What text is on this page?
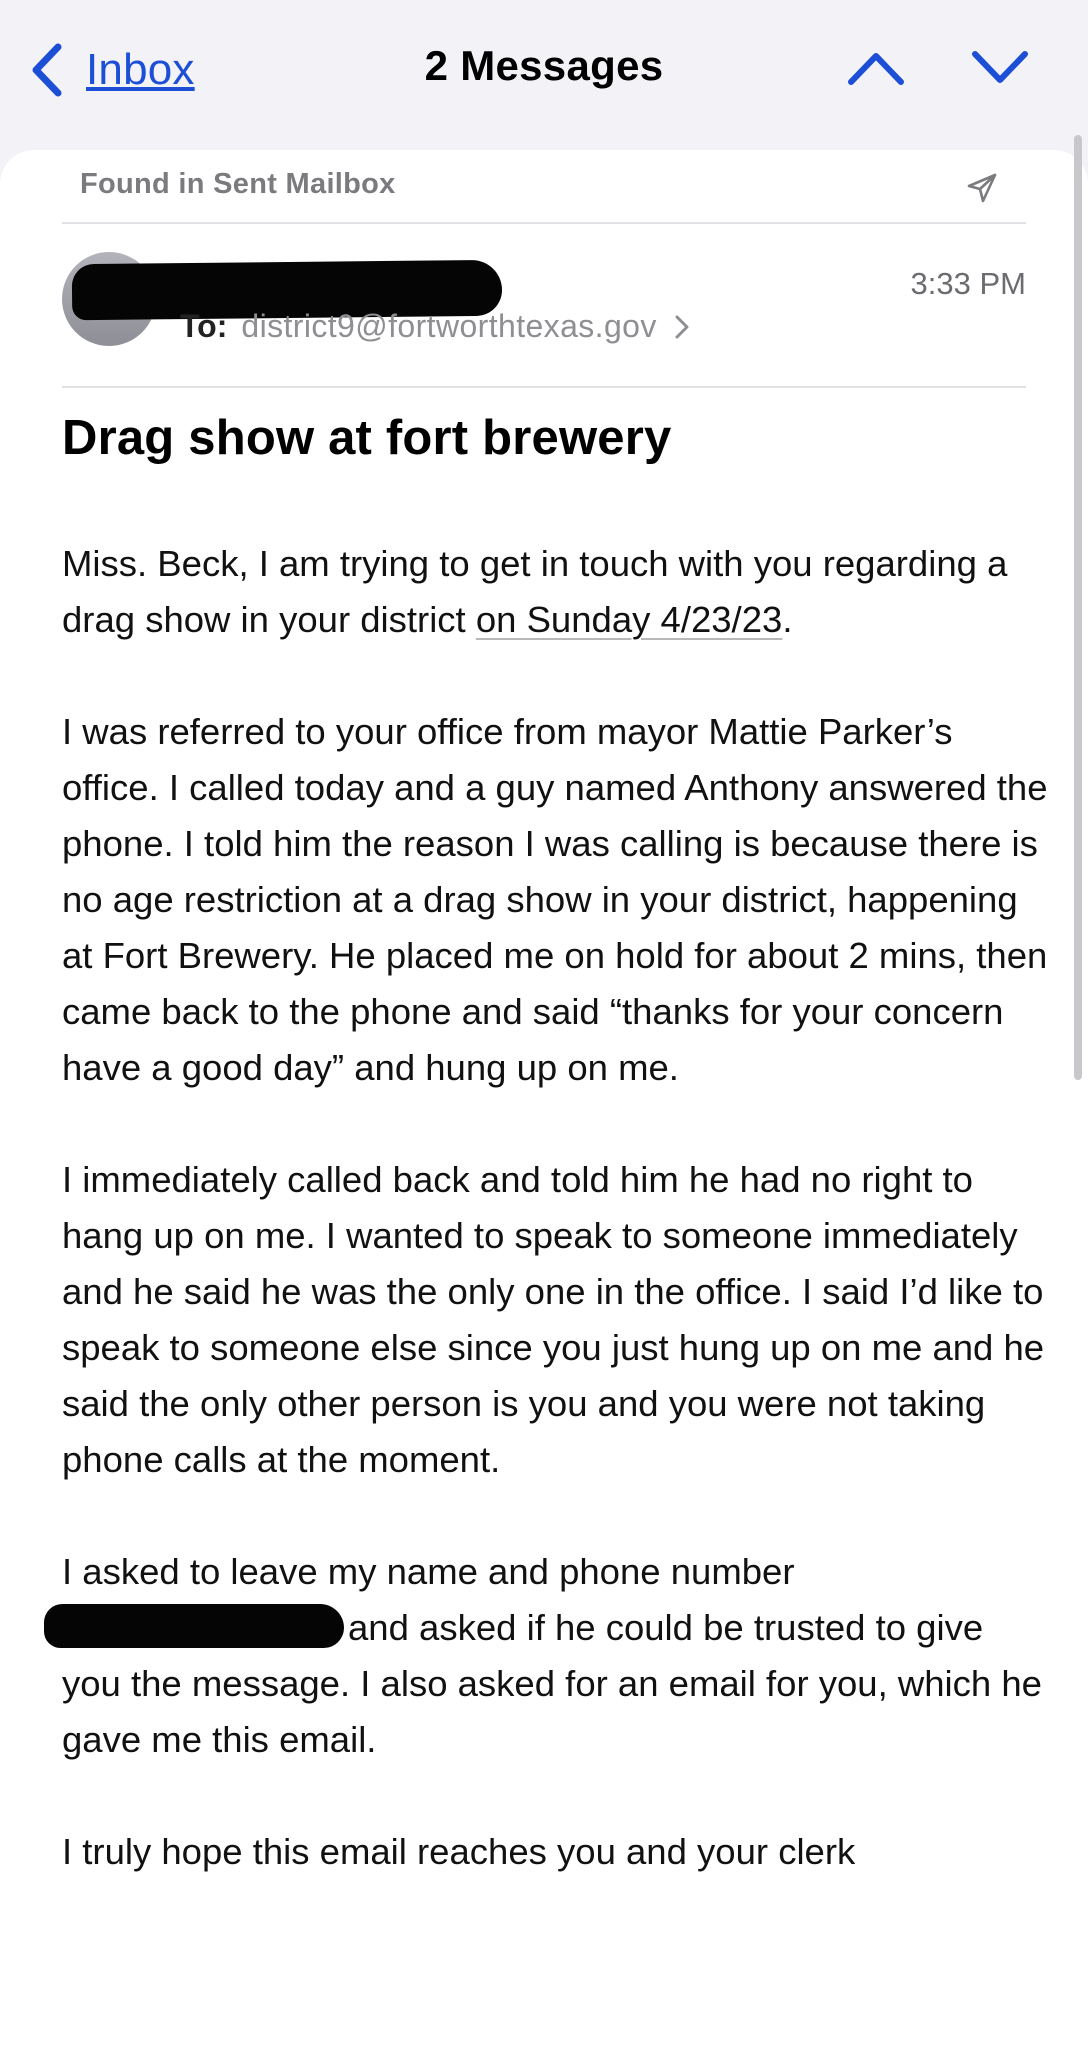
Inbox	2 Messages
Found in Sent Mailbox
3:33 PM
To: district9@fortworthtexas.gov
Drag show at fort brewery

Miss. Beck, I am trying to get in touch with you regarding a drag show in your district on Sunday 4/23/23.

I was referred to your office from mayor Mattie Parker’s office. I called today and a guy named Anthony answered the phone. I told him the reason I was calling is because there is no age restriction at a drag show in your district, happening at Fort Brewery. He placed me on hold for about 2 mins, then came back to the phone and said “thanks for your concern have a good day” and hung up on me.

I immediately called back and told him he had no right to hang up on me. I wanted to speak to someone immediately and he said he was the only one in the office. I said I’d like to speak to someone else since you just hung up on me and he said the only other person is you and you were not taking phone calls at the moment.

I asked to leave my name and phone number
and asked if he could be trusted to give you the message. I also asked for an email for you, which he gave me this email.

I truly hope this email reaches you and your clerk
